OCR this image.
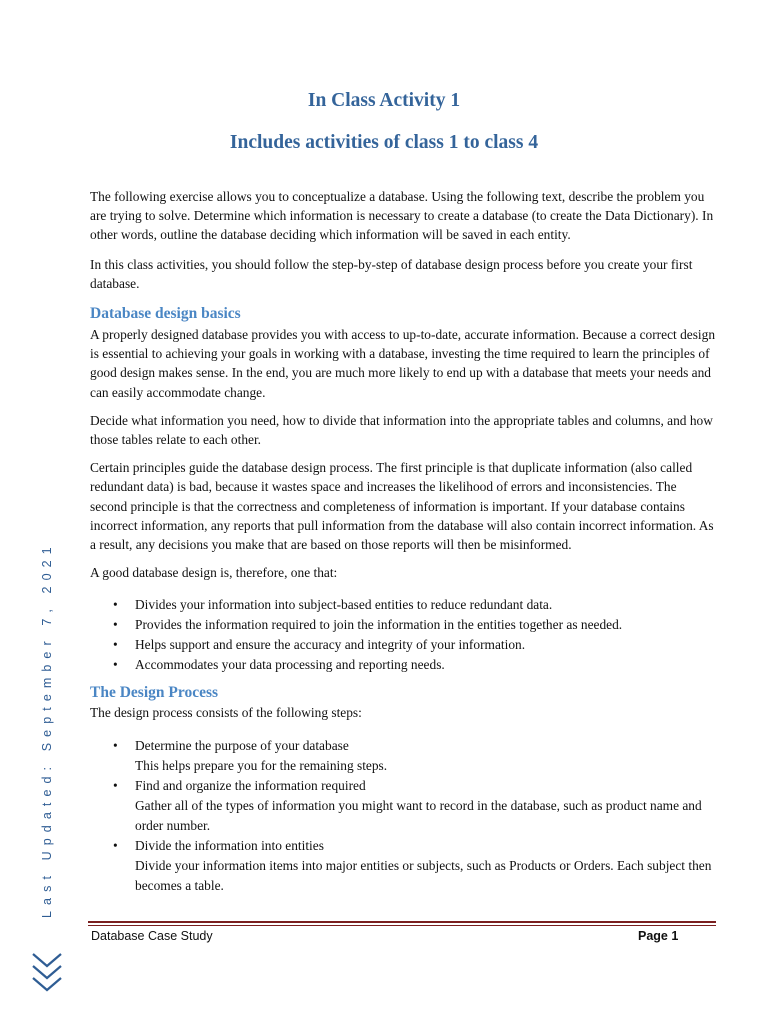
Last Updated: September 7, 2021
In Class Activity 1
Includes activities of class 1 to class 4

The following exercise allows you to conceptualize a database. Using the following text, describe the problem you are trying to solve. Determine which information is necessary to create a database (to create the Data Dictionary). In other words, outline the database deciding which information will be saved in each entity.

In this class activities, you should follow the step-by-step of database design process before you create your first database.

Database design basics

A properly designed database provides you with access to up-to-date, accurate information. Because a correct design is essential to achieving your goals in working with a database, investing the time required to learn the principles of good design makes sense. In the end, you are much more likely to end up with a database that meets your needs and can easily accommodate change.

Decide what information you need, how to divide that information into the appropriate tables and columns, and how those tables relate to each other.

Certain principles guide the database design process. The first principle is that duplicate information (also called redundant data) is bad, because it wastes space and increases the likelihood of errors and inconsistencies. The second principle is that the correctness and completeness of information is important. If your database contains incorrect information, any reports that pull information from the database will also contain incorrect information. As a result, any decisions you make that are based on those reports will then be misinformed.

A good database design is, therefore, one that:

• Divides your information into subject-based entities to reduce redundant data.
• Provides the information required to join the information in the entities together as needed.
• Helps support and ensure the accuracy and integrity of your information.
• Accommodates your data processing and reporting needs.
The Design Process

The design process consists of the following steps:

• Determine the purpose of your database
This helps prepare you for the remaining steps.
• Find and organize the information required
Gather all of the types of information you might want to record in the database, such as product name and order number.
• Divide the information into entities
Divide your information items into major entities or subjects, such as Products or Orders. Each subject then becomes a table.
Database Case Study	Page 1
